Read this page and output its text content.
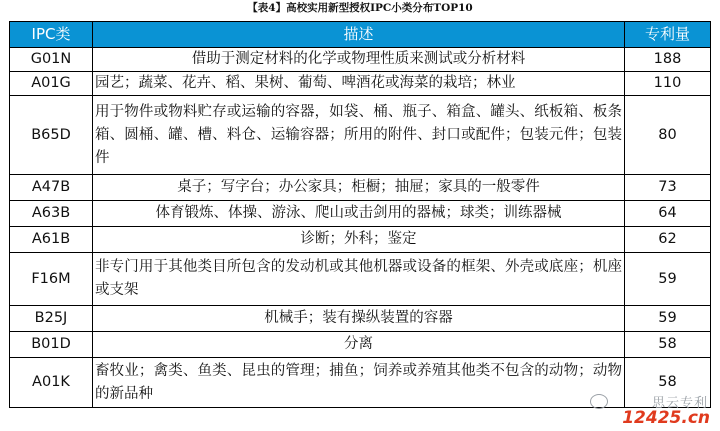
【表4】高校实用新型授权IPC小类分布TOP10
IPC类	描述	专利量
G01N	借助于测定材料的化学或物理性质来测试或分析材料	188
A01G	园艺；蔬菜、花卉、稻、果树、葡萄、啤酒花或海菜的栽培；林业	110
B65D	用于物件或物料贮存或运输的容器，如袋、桶、瓶子、箱盒、罐头、纸板箱、板条箱、圆桶、罐、槽、料仓、运输容器；所用的附件、封口或配件；包装元件；包装件	80
A47B	桌子；写字台；办公家具；柜橱；抽屉；家具的一般零件	73
A63B	体育锻炼、体操、游泳、爬山或击剑用的器械；球类；训练器械	64
A61B	诊断；外科；鉴定	62
F16M	非专门用于其他类目所包含的发动机或其他机器或设备的框架、外壳或底座；机座或支架	59
B25J	机械手；装有操纵装置的容器	59
B01D	分离	58
A01K	畜牧业；禽类、鱼类、昆虫的管理；捕鱼；饲养或养殖其他类不包含的动物；动物的新品种	58
思云专利
12425.cn
